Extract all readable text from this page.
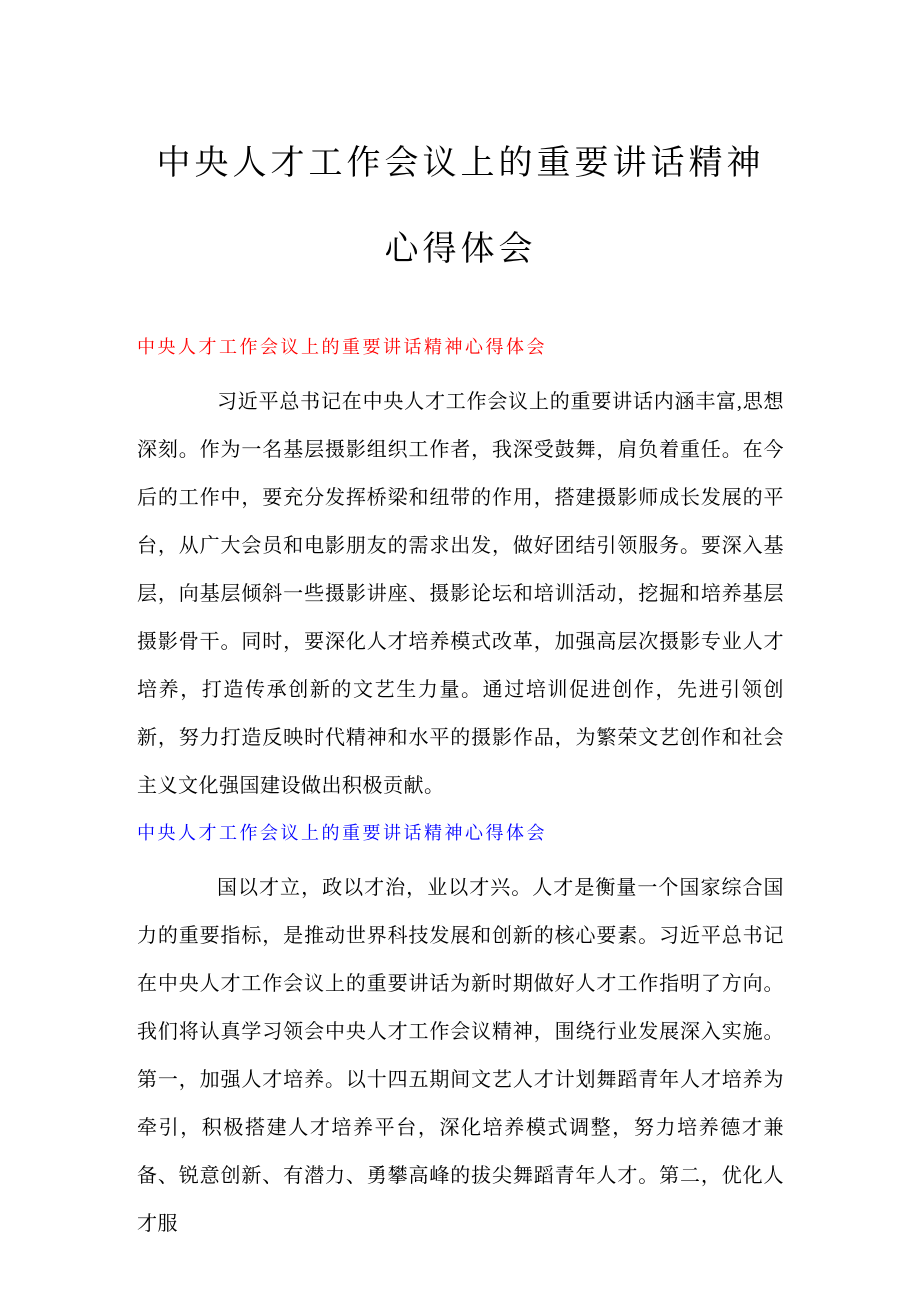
中央人才工作会议上的重要讲话精神
心得体会
中央人才工作会议上的重要讲话精神心得体会

习近平总书记在中央人才工作会议上的重要讲话内涵丰富,思想深刻。作为一名基层摄影组织工作者，我深受鼓舞，肩负着重任。在今后的工作中，要充分发挥桥梁和纽带的作用，搭建摄影师成长发展的平台，从广大会员和电影朋友的需求出发，做好团结引领服务。要深入基层，向基层倾斜一些摄影讲座、摄影论坛和培训活动，挖掘和培养基层摄影骨干。同时，要深化人才培养模式改革，加强高层次摄影专业人才培养，打造传承创新的文艺生力量。通过培训促进创作，先进引领创新，努力打造反映时代精神和水平的摄影作品，为繁荣文艺创作和社会主义文化强国建设做出积极贡献。

中央人才工作会议上的重要讲话精神心得体会

国以才立，政以才治，业以才兴。人才是衡量一个国家综合国力的重要指标，是推动世界科技发展和创新的核心要素。习近平总书记在中央人才工作会议上的重要讲话为新时期做好人才工作指明了方向。我们将认真学习领会中央人才工作会议精神，围绕行业发展深入实施。第一，加强人才培养。以十四五期间文艺人才计划舞蹈青年人才培养为牵引，积极搭建人才培养平台，深化培养模式调整，努力培养德才兼备、锐意创新、有潜力、勇攀高峰的拔尖舞蹈青年人才。第二，优化人才服
